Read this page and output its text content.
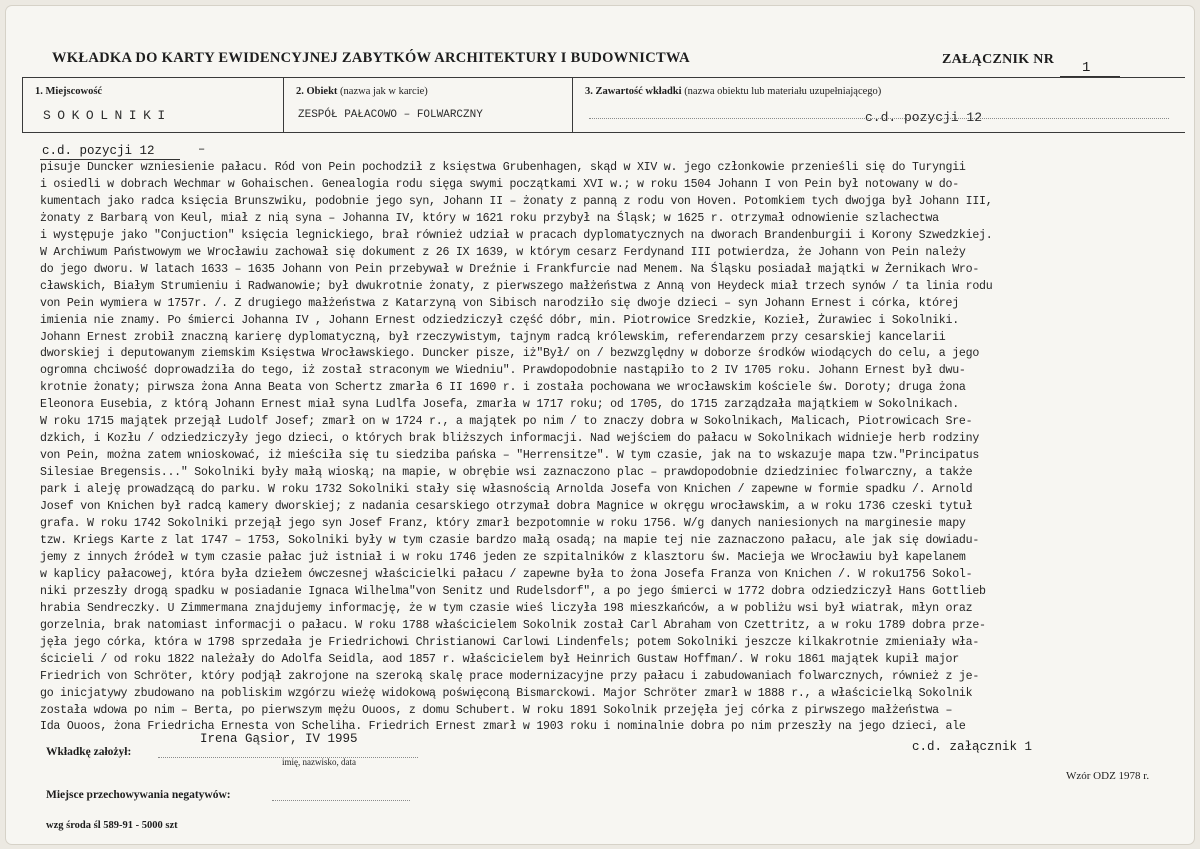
WKŁADKA DO KARTY EWIDENCYJNEJ ZABYTKÓW ARCHITEKTURY I BUDOWNICTWA	ZAŁĄCZNIK NR
1
1. Miejscowość
SOKOLNIKI
2. Obiekt (nazwa jak w karcie)
ZESPÓŁ PAŁACOWO – FOLWARCZNY
3. Zawartość wkładki (nazwa obiektu lub materiału uzupełniającego)
c.d. pozycji 12
c.d. pozycji 12	–
pisuje Duncker wzniesienie pałacu. Ród von Pein pochodził z księstwa Grubenhagen, skąd w XIV w. jego członkowie przenieśli się do Turyngii
i osiedli w dobrach Wechmar w Gohaischen. Genealogia rodu sięga swymi początkami XVI w.; w roku 1504 Johann I von Pein był notowany w do-
kumentach jako radca księcia Brunszwiku, podobnie jego syn, Johann II – żonaty z panną z rodu von Hoven. Potomkiem tych dwojga był Johann III,
żonaty z Barbarą von Keul, miał z nią syna – Johanna IV, który w 1621 roku przybył na Śląsk; w 1625 r. otrzymał odnowienie szlachectwa
i występuje jako "Conjuction" księcia legnickiego, brał również udział w pracach dyplomatycznych na dworach Brandenburgii i Korony Szwedzkiej.
W Archiwum Państwowym we Wrocławiu zachował się dokument z 26 IX 1639, w którym cesarz Ferdynand III potwierdza, że Johann von Pein należy
do jego dworu. W latach 1633 – 1635 Johann von Pein przebywał w Dreźnie i Frankfurcie nad Menem. Na Śląsku posiadał majątki w Żernikach Wro-
cławskich, Białym Strumieniu i Radwanowie; był dwukrotnie żonaty, z pierwszego małżeństwa z Anną von Heydeck miał trzech synów / ta linia rodu
von Pein wymiera w 1757r. /. Z drugiego małżeństwa z Katarzyną von Sibisch narodziło się dwoje dzieci – syn Johann Ernest i córka, której
imienia nie znamy. Po śmierci Johanna IV , Johann Ernest odziedziczył część dóbr, min. Piotrowice Sredzkie, Kozieł, Żurawiec i Sokolniki.
Johann Ernest zrobił znaczną karierę dyplomatyczną, był rzeczywistym, tajnym radcą królewskim, referendarzem przy cesarskiej kancelarii
dworskiej i deputowanym ziemskim Księstwa Wrocławskiego. Duncker pisze, iż"Był/ on / bezwzględny w doborze środków wiodących do celu, a jego
ogromna chciwość doprowadziła do tego, iż został straconym we Wiedniu". Prawdopodobnie nastąpiło to 2 IV 1705 roku. Johann Ernest był dwu-
krotnie żonaty; pirwsza żona Anna Beata von Schertz zmarła 6 II 1690 r. i została pochowana we wrocławskim kościele św. Doroty; druga żona
Eleonora Eusebia, z którą Johann Ernest miał syna Ludlfa Josefa, zmarła w 1717 roku; od 1705, do 1715 zarządzała majątkiem w Sokolnikach.
W roku 1715 majątek przejął Ludolf Josef; zmarł on w 1724 r., a majątek po nim / to znaczy dobra w Sokolnikach, Malicach, Piotrowicach Sre-
dzkich, i Kozłu / odziedziczyły jego dzieci, o których brak bliższych informacji. Nad wejściem do pałacu w Sokolnikach widnieje herb rodziny
von Pein, można zatem wnioskować, iż mieściła się tu siedziba pańska – "Herrensitze". W tym czasie, jak na to wskazuje mapa tzw."Principatus
Silesiae Bregensis..." Sokolniki były małą wioską; na mapie, w obrębie wsi zaznaczono plac – prawdopodobnie dziedziniec folwarczny, a także
park i aleję prowadzącą do parku. W roku 1732 Sokolniki stały się własnością Arnolda Josefa von Knichen / zapewne w formie spadku /. Arnold
Josef von Knichen był radcą kamery dworskiej; z nadania cesarskiego otrzymał dobra Magnice w okręgu wrocławskim, a w roku 1736 czeski tytuł
grafa. W roku 1742 Sokolniki przejął jego syn Josef Franz, który zmarł bezpotomnie w roku 1756. W/g danych naniesionych na marginesie mapy
tzw. Kriegs Karte z lat 1747 – 1753, Sokolniki były w tym czasie bardzo małą osadą; na mapie tej nie zaznaczono pałacu, ale jak się dowiadu-
jemy z innych źródeł w tym czasie pałac już istniał i w roku 1746 jeden ze szpitalników z klasztoru św. Macieja we Wrocławiu był kapelanem
w kaplicy pałacowej, która była dziełem ówczesnej właścicielki pałacu / zapewne była to żona Josefa Franza von Knichen /. W roku1756 Sokol-
niki przeszły drogą spadku w posiadanie Ignaca Wilhelma"von Senitz und Rudelsdorf", a po jego śmierci w 1772 dobra odziedziczył Hans Gottlieb
hrabia Sendreczky. U Zimmermana znajdujemy informację, że w tym czasie wieś liczyła 198 mieszkańców, a w pobliżu wsi był wiatrak, młyn oraz
gorzelnia, brak natomiast informacji o pałacu. W roku 1788 właścicielem Sokolnik został Carl Abraham von Czettritz, a w roku 1789 dobra prze-
jęła jego córka, która w 1798 sprzedała je Friedrichowi Christianowi Carlowi Lindenfels; potem Sokolniki jeszcze kilkakrotnie zmieniały wła-
ścicieli / od roku 1822 należały do Adolfa Seidla, aod 1857 r. właścicielem był Heinrich Gustaw Hoffman/. W roku 1861 majątek kupił major
Friedrich von Schröter, który podjął zakrojone na szeroką skalę prace modernizacyjne przy pałacu i zabudowaniach folwarcznych, również z je-
go inicjatywy zbudowano na pobliskim wzgórzu wieżę widokową poświęconą Bismarckowi. Major Schröter zmarł w 1888 r., a właścicielką Sokolnik
została wdowa po nim – Berta, po pierwszym mężu Ouoos, z domu Schubert. W roku 1891 Sokolnik przejęła jej córka z pirwszego małżeństwa –
Ida Ouoos, żona Friedricha Ernesta von Scheliha. Friedrich Ernest zmarł w 1903 roku i nominalnie dobra po nim przeszły na jego dzieci, ale
Wkładkę założył:
Irena Gąsior, IV 1995
imię, nazwisko, data
c.d. załącznik 1
Wzór ODZ 1978 r.
Miejsce przechowywania negatywów:
wzg środa śl 589-91 - 5000 szt
